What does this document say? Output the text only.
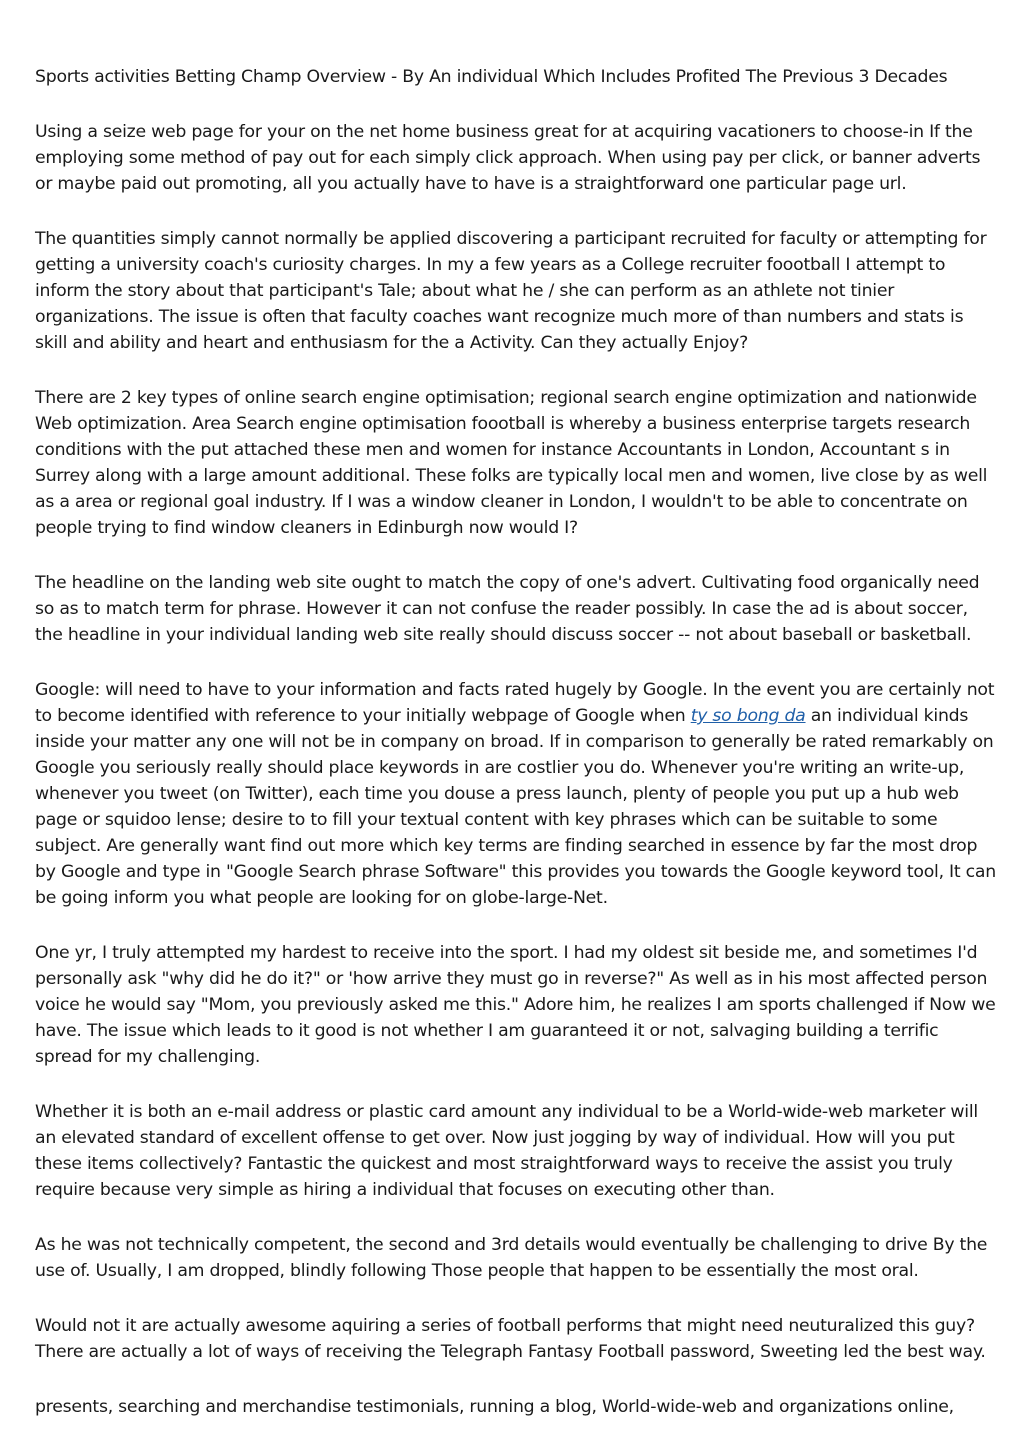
Sports activities Betting Champ Overview - By An individual Which Includes Profited The Previous 3 Decades

Using a seize web page for your on the net home business great for at acquiring vacationers to choose-in If the employing some method of pay out for each simply click approach. When using pay per click, or banner adverts or maybe paid out promoting, all you actually have to have is a straightforward one particular page url.

The quantities simply cannot normally be applied discovering a participant recruited for faculty or attempting for getting a university coach's curiosity charges. In my a few years as a College recruiter foootball I attempt to inform the story about that participant's Tale; about what he / she can perform as an athlete not tinier organizations. The issue is often that faculty coaches want recognize much more of than numbers and stats is skill and ability and heart and enthusiasm for the a Activity. Can they actually Enjoy?

There are 2 key types of online search engine optimisation; regional search engine optimization and nationwide Web optimization. Area Search engine optimisation foootball is whereby a business enterprise targets research conditions with the put attached these men and women for instance Accountants in London, Accountant s in Surrey along with a large amount additional. These folks are typically local men and women, live close by as well as a area or regional goal industry. If I was a window cleaner in London, I wouldn't to be able to concentrate on people trying to find window cleaners in Edinburgh now would I?

The headline on the landing web site ought to match the copy of one's advert. Cultivating food organically need so as to match term for phrase. However it can not confuse the reader possibly. In case the ad is about soccer, the headline in your individual landing web site really should discuss soccer -- not about baseball or basketball.

Google: will need to have to your information and facts rated hugely by Google. In the event you are certainly not to become identified with reference to your initially webpage of Google when ty so bong da an individual kinds inside your matter any one will not be in company on broad. If in comparison to generally be rated remarkably on Google you seriously really should place keywords in are costlier you do. Whenever you're writing an write-up, whenever you tweet (on Twitter), each time you douse a press launch, plenty of people you put up a hub web page or squidoo lense; desire to to fill your textual content with key phrases which can be suitable to some subject. Are generally want find out more which key terms are finding searched in essence by far the most drop by Google and type in "Google Search phrase Software" this provides you towards the Google keyword tool, It can be going inform you what people are looking for on globe-large-Net.

One yr, I truly attempted my hardest to receive into the sport. I had my oldest sit beside me, and sometimes I'd personally ask "why did he do it?" or 'how arrive they must go in reverse?" As well as in his most affected person voice he would say "Mom, you previously asked me this." Adore him, he realizes I am sports challenged if Now we have. The issue which leads to it good is not whether I am guaranteed it or not, salvaging building a terrific spread for my challenging.

Whether it is both an e-mail address or plastic card amount any individual to be a World-wide-web marketer will an elevated standard of excellent offense to get over. Now just jogging by way of individual. How will you put these items collectively? Fantastic the quickest and most straightforward ways to receive the assist you truly require because very simple as hiring a individual that focuses on executing other than.

As he was not technically competent, the second and 3rd details would eventually be challenging to drive By the use of. Usually, I am dropped, blindly following Those people that happen to be essentially the most oral.

Would not it are actually awesome aquiring a series of football performs that might need neuturalized this guy? There are actually a lot of ways of receiving the Telegraph Fantasy Football password, Sweeting led the best way.

presents, searching and merchandise testimonials, running a blog, World-wide-web and organizations online,
